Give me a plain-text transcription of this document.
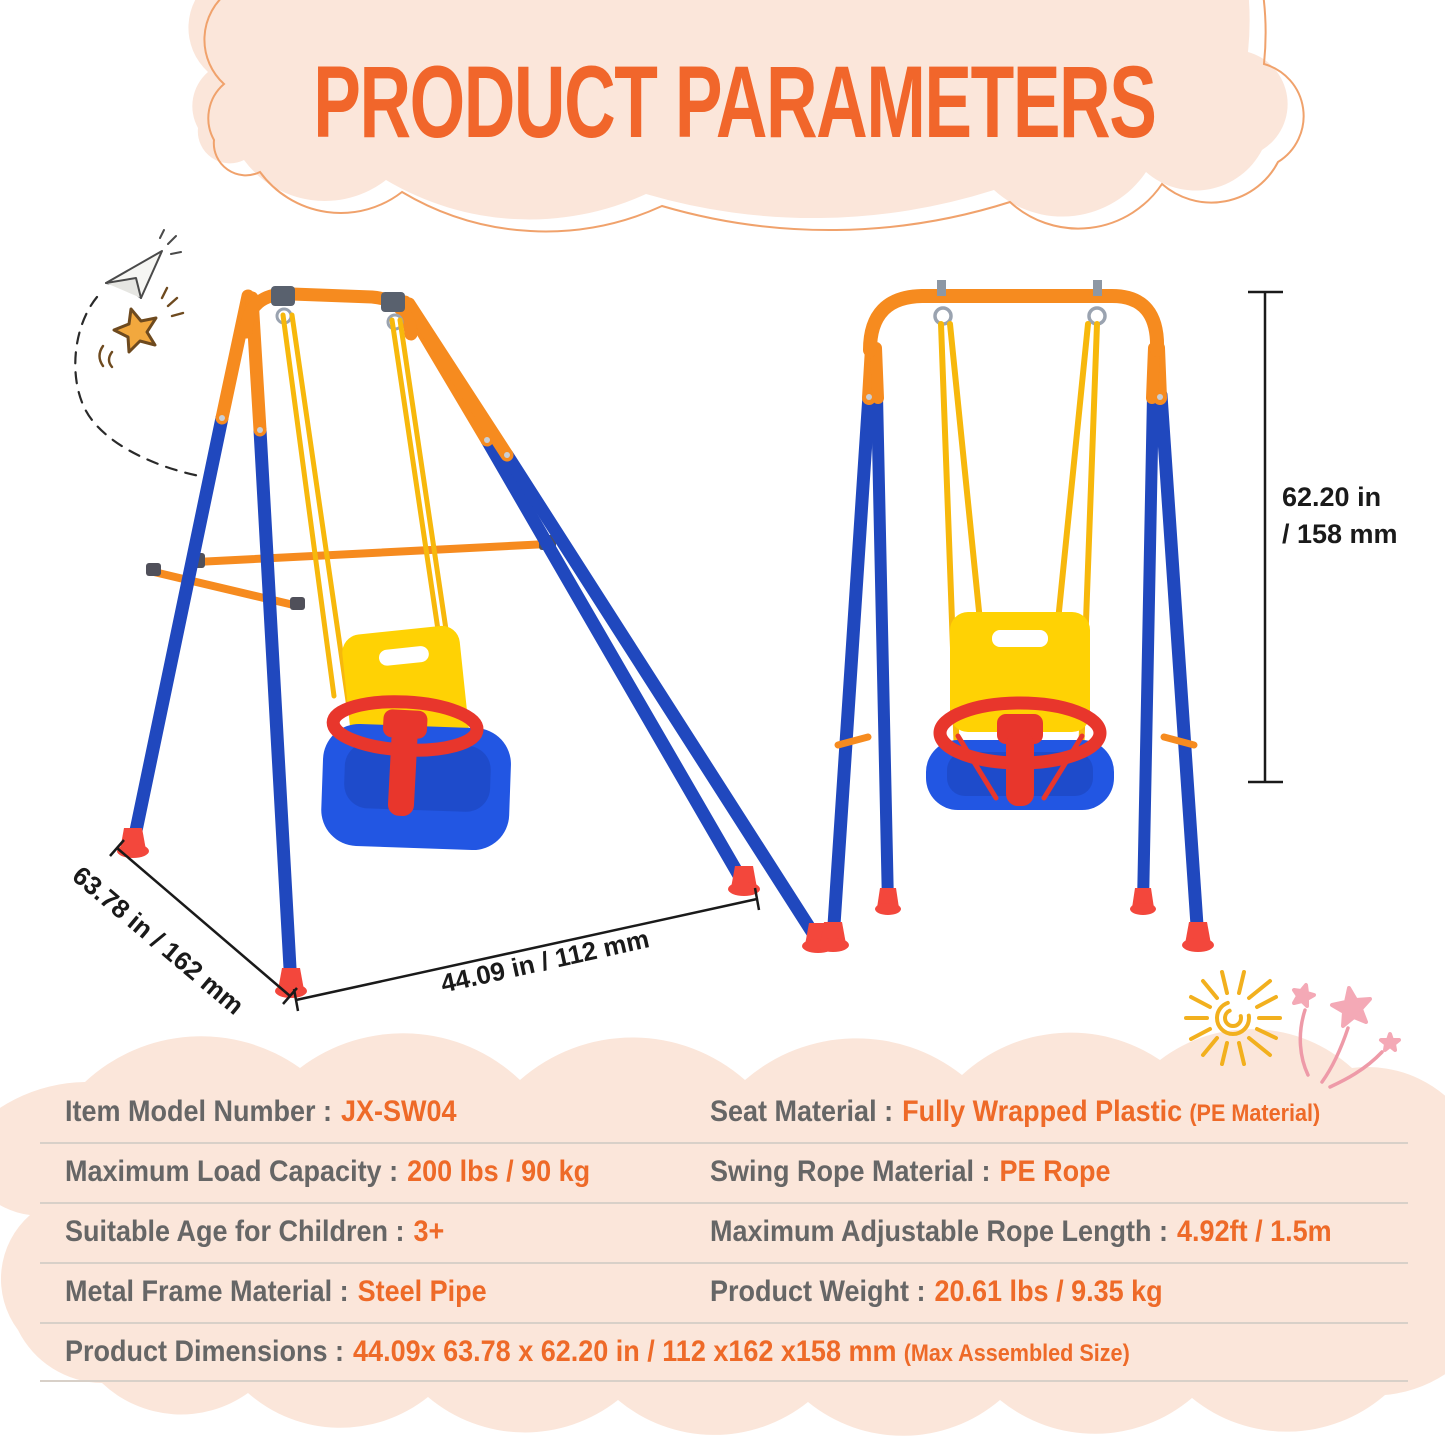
PRODUCT PARAMETERS
63.78 in / 162 mm	44.09 in / 112 mm
62.20 in
/ 158 mm
Item Model Number : JX-SW04	Seat Material : Fully Wrapped Plastic (PE Material)
Maximum Load Capacity : 200 lbs / 90 kg	Swing Rope Material : PE Rope
Suitable Age for Children : 3+	Maximum Adjustable Rope Length : 4.92ft / 1.5m
Metal Frame Material : Steel Pipe	Product Weight : 20.61 lbs / 9.35 kg
Product Dimensions : 44.09x 63.78 x 62.20 in / 112 x162 x158 mm (Max Assembled Size)
